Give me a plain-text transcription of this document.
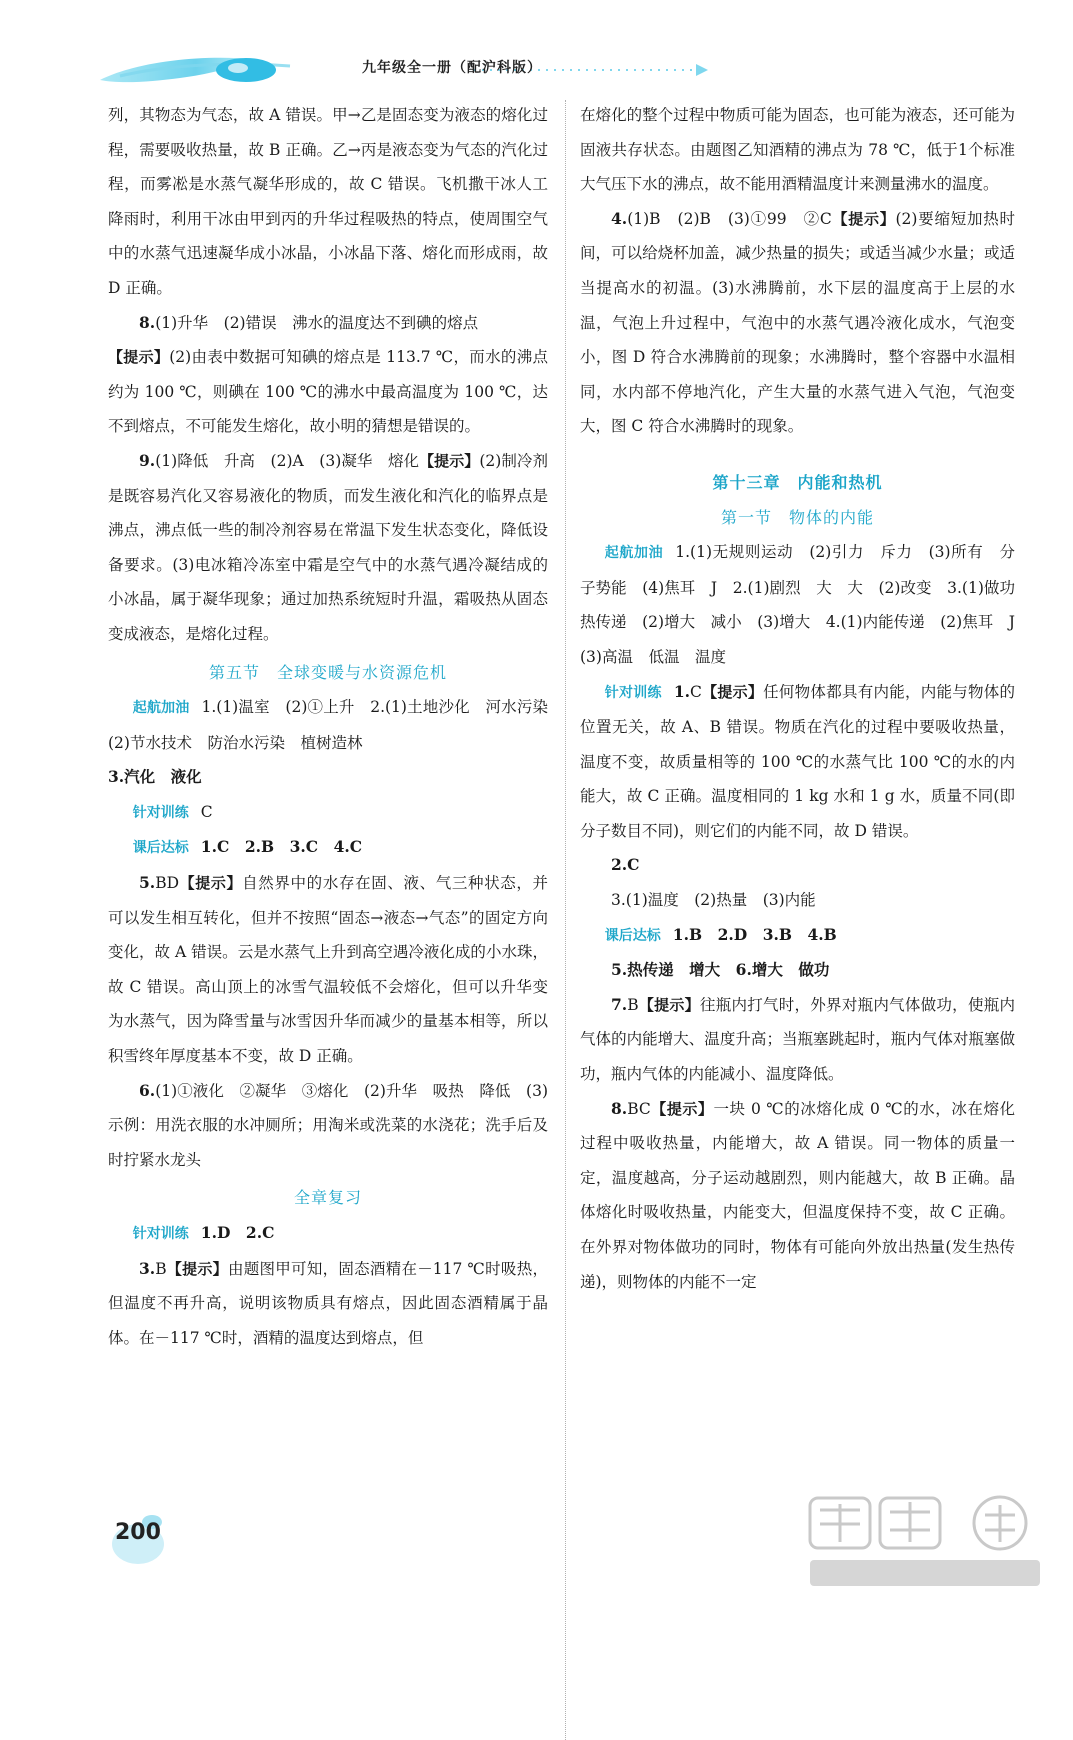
九年级全一册（配沪科版）

列，其物态为气态，故 A 错误。甲→乙是固态变为液态的熔化过程，需要吸收热量，故 B 正确。乙→丙是液态变为气态的汽化过程，而雾凇是水蒸气凝华形成的，故 C 错误。飞机撒干冰人工降雨时，利用干冰由甲到丙的升华过程吸热的特点，使周围空气中的水蒸气迅速凝华成小冰晶，小冰晶下落、熔化而形成雨，故 D 正确。

8.(1)升华　(2)错误　沸水的温度达不到碘的熔点

【提示】(2)由表中数据可知碘的熔点是 113.7 ℃，而水的沸点约为 100 ℃，则碘在 100 ℃的沸水中最高温度为 100 ℃，达不到熔点，不可能发生熔化，故小明的猜想是错误的。

9.(1)降低　升高　(2)A　(3)凝华　熔化【提示】(2)制冷剂是既容易汽化又容易液化的物质，而发生液化和汽化的临界点是沸点，沸点低一些的制冷剂容易在常温下发生状态变化，降低设备要求。(3)电冰箱冷冻室中霜是空气中的水蒸气遇冷凝结成的小冰晶，属于凝华现象；通过加热系统短时升温，霜吸热从固态变成液态，是熔化过程。

第五节　全球变暖与水资源危机

起航加油 1.(1)温室　(2)①上升　2.(1)土地沙化　河水污染　(2)节水技术　防治水污染　植树造林　
3.汽化　液化

针对训练 C

课后达标 1.C　2.B　3.C　4.C

5.BD【提示】自然界中的水存在固、液、气三种状态，并可以发生相互转化，但并不按照“固态→液态→气态”的固定方向变化，故 A 错误。云是水蒸气上升到高空遇冷液化成的小水珠，故 C 错误。高山顶上的冰雪气温较低不会熔化，但可以升华变为水蒸气，因为降雪量与冰雪因升华而减少的量基本相等，所以积雪终年厚度基本不变，故 D 正确。

6.(1)①液化　②凝华　③熔化　(2)升华　吸热　降低　(3)示例：用洗衣服的水冲厕所；用淘米或洗菜的水浇花；洗手后及时拧紧水龙头

全章复习

针对训练 1.D　2.C

3.B【提示】由题图甲可知，固态酒精在－117 ℃时吸热，但温度不再升高，说明该物质具有熔点，因此固态酒精属于晶体。在－117 ℃时，酒精的温度达到熔点，但

在熔化的整个过程中物质可能为固态，也可能为液态，还可能为固液共存状态。由题图乙知酒精的沸点为 78 ℃，低于1个标准大气压下水的沸点，故不能用酒精温度计来测量沸水的温度。

4.(1)B　(2)B　(3)①99　②C【提示】(2)要缩短加热时间，可以给烧杯加盖，减少热量的损失；或适当减少水量；或适当提高水的初温。(3)水沸腾前，水下层的温度高于上层的水温，气泡上升过程中，气泡中的水蒸气遇冷液化成水，气泡变小，图 D 符合水沸腾前的现象；水沸腾时，整个容器中水温相同，水内部不停地汽化，产生大量的水蒸气进入气泡，气泡变大，图 C 符合水沸腾时的现象。

第十三章　内能和热机

第一节　物体的内能

起航加油 1.(1)无规则运动　(2)引力　斥力　(3)所有　分子势能　(4)焦耳　J　2.(1)剧烈　大　大　(2)改变　3.(1)做功　热传递　(2)增大　减小　(3)增大　4.(1)内能传递　(2)焦耳　J　(3)高温　低温　温度

针对训练 1.C【提示】任何物体都具有内能，内能与物体的位置无关，故 A、B 错误。物质在汽化的过程中要吸收热量，温度不变，故质量相等的 100 ℃的水蒸气比 100 ℃的水的内能大，故 C 正确。温度相同的 1 kg 水和 1 g 水，质量不同(即分子数目不同)，则它们的内能不同，故 D 错误。

2.C

3.(1)温度　(2)热量　(3)内能

课后达标 1.B　2.D　3.B　4.B

5.热传递　增大　6.增大　做功

7.B【提示】往瓶内打气时，外界对瓶内气体做功，使瓶内气体的内能增大、温度升高；当瓶塞跳起时，瓶内气体对瓶塞做功，瓶内气体的内能减小、温度降低。

8.BC【提示】一块 0 ℃的冰熔化成 0 ℃的水，冰在熔化过程中吸收热量，内能增大，故 A 错误。同一物体的质量一定，温度越高，分子运动越剧烈，则内能越大，故 B 正确。晶体熔化时吸收热量，内能变大，但温度保持不变，故 C 正确。在外界对物体做功的同时，物体有可能向外放出热量(发生热传递)，则物体的内能不一定

200
